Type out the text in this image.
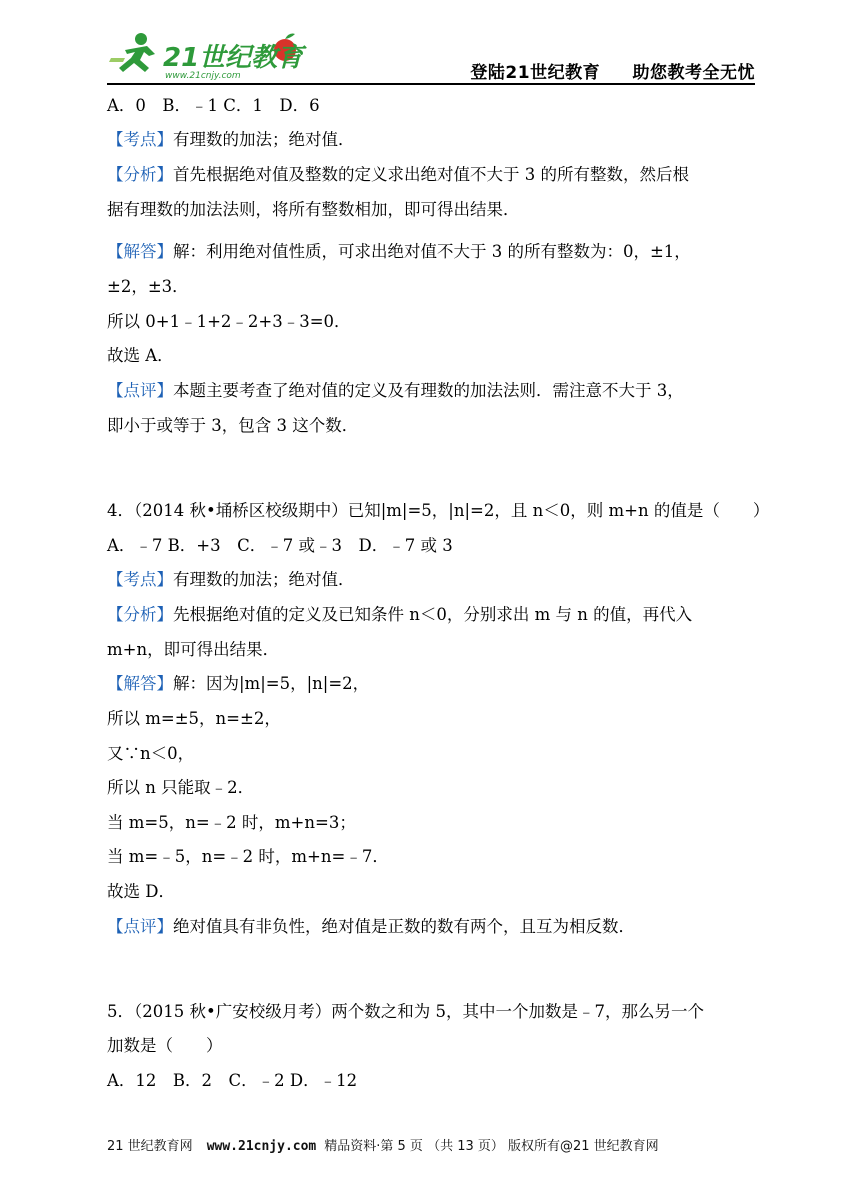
21世纪教育
www.21cnjy.com	登陆21世纪教育 助您教考全无忧
A．0　B．﹣1 C．1　D．6
【考点】有理数的加法；绝对值．
【分析】首先根据绝对值及整数的定义求出绝对值不大于 3 的所有整数，然后根
据有理数的加法法则，将所有整数相加，即可得出结果．
【解答】解：利用绝对值性质，可求出绝对值不大于 3 的所有整数为：0，±1，
±2，±3．
所以 0+1﹣1+2﹣2+3﹣3=0．
故选 A．
【点评】本题主要考查了绝对值的定义及有理数的加法法则．需注意不大于 3，
即小于或等于 3，包含 3 这个数．
4．（2014 秋•埇桥区校级期中）已知|m|=5，|n|=2，且 n＜0，则 m+n 的值是（　　）
A．﹣7 B．+3　C．﹣7 或﹣3　D．﹣7 或 3
【考点】有理数的加法；绝对值．
【分析】先根据绝对值的定义及已知条件 n＜0，分别求出 m 与 n 的值，再代入
m+n，即可得出结果．
【解答】解：因为|m|=5，|n|=2，
所以 m=±5，n=±2，
又∵n＜0，
所以 n 只能取﹣2．
当 m=5，n=﹣2 时，m+n=3；
当 m=﹣5，n=﹣2 时，m+n=﹣7．
故选 D．
【点评】绝对值具有非负性，绝对值是正数的数有两个，且互为相反数．
5．（2015 秋•广安校级月考）两个数之和为 5，其中一个加数是﹣7，那么另一个
加数是（　　）
A．12　B．2　C．﹣2 D．﹣12
21 世纪教育网 www.21cnjy.com 精品资料·第 5 页 （共 13 页） 版权所有@21 世纪教育网
